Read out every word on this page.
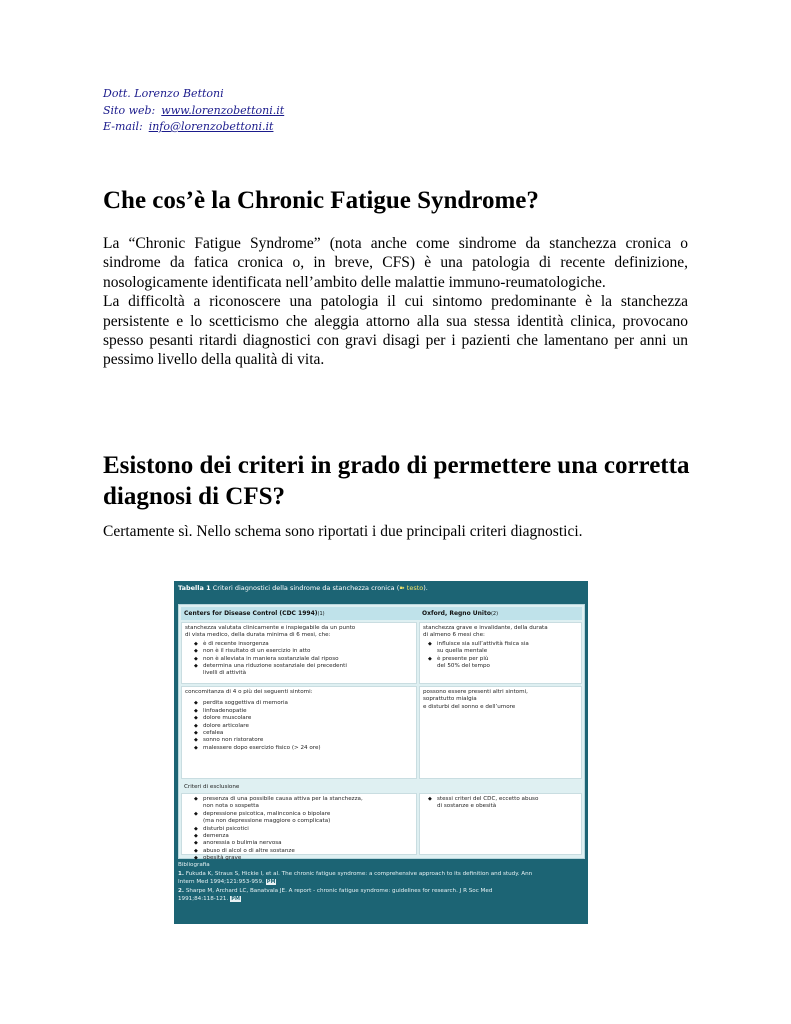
Dott. Lorenzo Bettoni
Sito web: www.lorenzobettoni.it
E-mail: info@lorenzobettoni.it
Che cos’è la Chronic Fatigue Syndrome?

La “Chronic Fatigue Syndrome” (nota anche come sindrome da stanchezza cronica o sindrome da fatica cronica o, in breve, CFS) è una patologia di recente definizione, nosologicamente identificata nell’ambito delle malattie immuno-reumatologiche.

La difficoltà a riconoscere una patologia il cui sintomo predominante è la stanchezza persistente e lo scetticismo che aleggia attorno alla sua stessa identità clinica, provocano spesso pesanti ritardi diagnostici con gravi disagi per i pazienti che lamentano per anni un pessimo livello della qualità di vita.

Esistono dei criteri in grado di permettere una corretta diagnosi di CFS?

Certamente sì. Nello schema sono riportati i due principali criteri diagnostici.

Tabella 1 Criteri diagnostici della sindrome da stanchezza cronica (➽ testo).
Centers for Disease Control (CDC 1994)(1)	Oxford, Regno Unito(2)
stanchezza valutata clinicamente e inspiegabile da un punto
di vista medico, della durata minima di 6 mesi, che:
◆ è di recente insorgenza
◆ non è il risultato di un esercizio in atto
◆ non è alleviata in maniera sostanziale dal riposo
◆ determina una riduzione sostanziale dei precedenti
livelli di attività
stanchezza grave e invalidante, della durata
di almeno 6 mesi che:
◆ influisce sia sull’attività fisica sia
su quella mentale
◆ è presente per più
del 50% del tempo
concomitanza di 4 o più dei seguenti sintomi:
◆ perdita soggettiva di memoria
◆ linfoadenopatie
◆ dolore muscolare
◆ dolore articolare
◆ cefalea
◆ sonno non ristoratore
◆ malessere dopo esercizio fisico (> 24 ore)
possono essere presenti altri sintomi,
soprattutto mialgia
e disturbi del sonno e dell’umore
Criteri di esclusione
◆ presenza di una possibile causa attiva per la stanchezza,
non nota o sospetta
◆ depressione psicotica, malinconica o bipolare
(ma non depressione maggiore o complicata)
◆ disturbi psicotici
◆ demenza
◆ anoressia o bulimia nervosa
◆ abuso di alcol o di altre sostanze
◆ obesità grave
◆ stessi criteri del CDC, eccetto abuso
di sostanze e obesità
Bibliografia
1. Fukuda K, Straus S, Hickie I, et al. The chronic fatigue syndrome: a comprehensive approach to its definition and study. Ann
Intern Med 1994;121:953-959. PM
2. Sharpe M, Archard LC, Banatvala JE. A report - chronic fatigue syndrome: guidelines for research. J R Soc Med
1991;84:118-121. PM
